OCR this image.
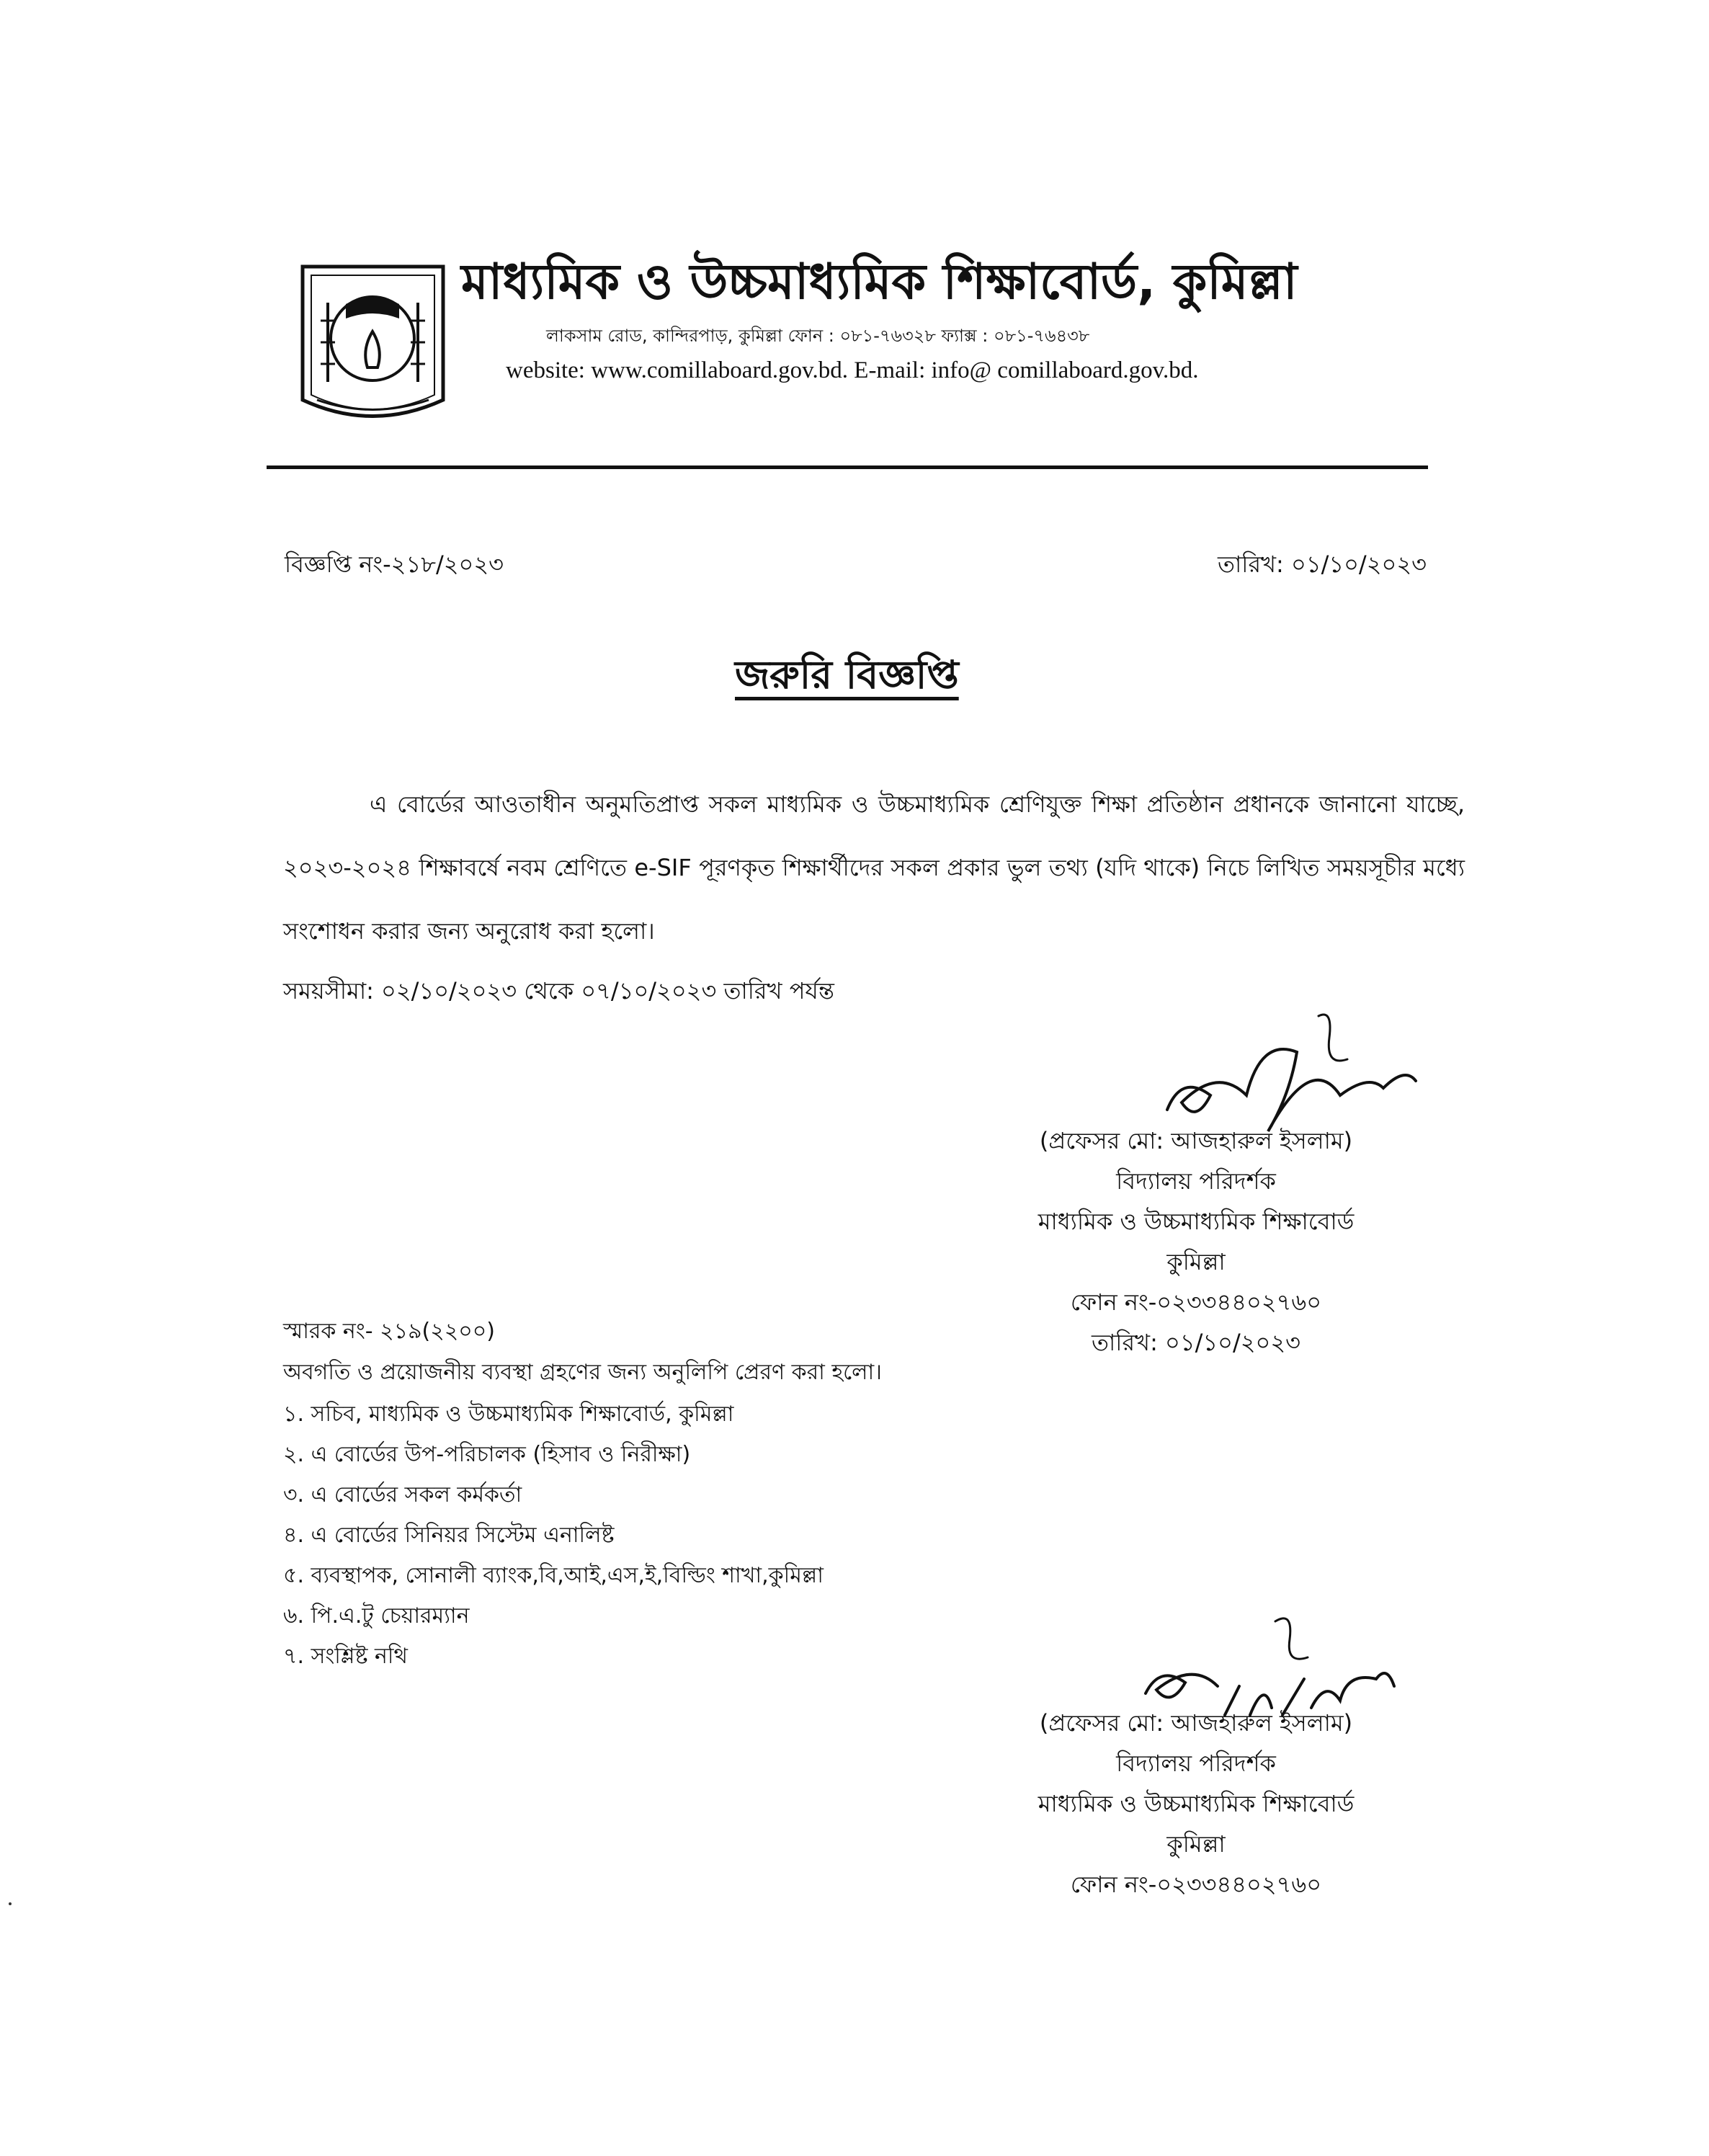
মাধ্যমিক ও উচ্চমাধ্যমিক শিক্ষাবোর্ড, কুমিল্লা
লাকসাম রোড, কান্দিরপাড়, কুমিল্লা ফোন : ০৮১-৭৬৩২৮ ফ্যাক্স : ০৮১-৭৬৪৩৮
website: www.comillaboard.gov.bd. E-mail: info@ comillaboard.gov.bd.
বিজ্ঞপ্তি নং-২১৮/২০২৩	তারিখ: ০১/১০/২০২৩
জরুরি বিজ্ঞপ্তি

এ বোর্ডের আওতাধীন অনুমতিপ্রাপ্ত সকল মাধ্যমিক ও উচ্চমাধ্যমিক শ্রেণিযুক্ত শিক্ষা প্রতিষ্ঠান প্রধানকে জানানো যাচ্ছে, ২০২৩-২০২৪ শিক্ষাবর্ষে নবম শ্রেণিতে e-SIF পূরণকৃত শিক্ষার্থীদের সকল প্রকার ভুল তথ্য (যদি থাকে) নিচে লিখিত সময়সূচীর মধ্যে সংশোধন করার জন্য অনুরোধ করা হলো।

সময়সীমা: ০২/১০/২০২৩ থেকে ০৭/১০/২০২৩ তারিখ পর্যন্ত
(প্রফেসর মো: আজহারুল ইসলাম)
বিদ্যালয় পরিদর্শক
মাধ্যমিক ও উচ্চমাধ্যমিক শিক্ষাবোর্ড
কুমিল্লা
ফোন নং-০২৩৩৪৪০২৭৬০
তারিখ: ০১/১০/২০২৩
স্মারক নং- ২১৯(২২০০)
অবগতি ও প্রয়োজনীয় ব্যবস্থা গ্রহণের জন্য অনুলিপি প্রেরণ করা হলো।
১. সচিব, মাধ্যমিক ও উচ্চমাধ্যমিক শিক্ষাবোর্ড, কুমিল্লা
২. এ বোর্ডের উপ-পরিচালক (হিসাব ও নিরীক্ষা)
৩. এ বোর্ডের সকল কর্মকর্তা
৪. এ বোর্ডের সিনিয়র সিস্টেম এনালিষ্ট
৫. ব্যবস্থাপক, সোনালী ব্যাংক,বি,আই,এস,ই,বিল্ডিং শাখা,কুমিল্লা
৬. পি.এ.টু চেয়ারম্যান
৭. সংশ্লিষ্ট নথি
(প্রফেসর মো: আজহারুল ইসলাম)
বিদ্যালয় পরিদর্শক
মাধ্যমিক ও উচ্চমাধ্যমিক শিক্ষাবোর্ড
কুমিল্লা
ফোন নং-০২৩৩৪৪০২৭৬০
